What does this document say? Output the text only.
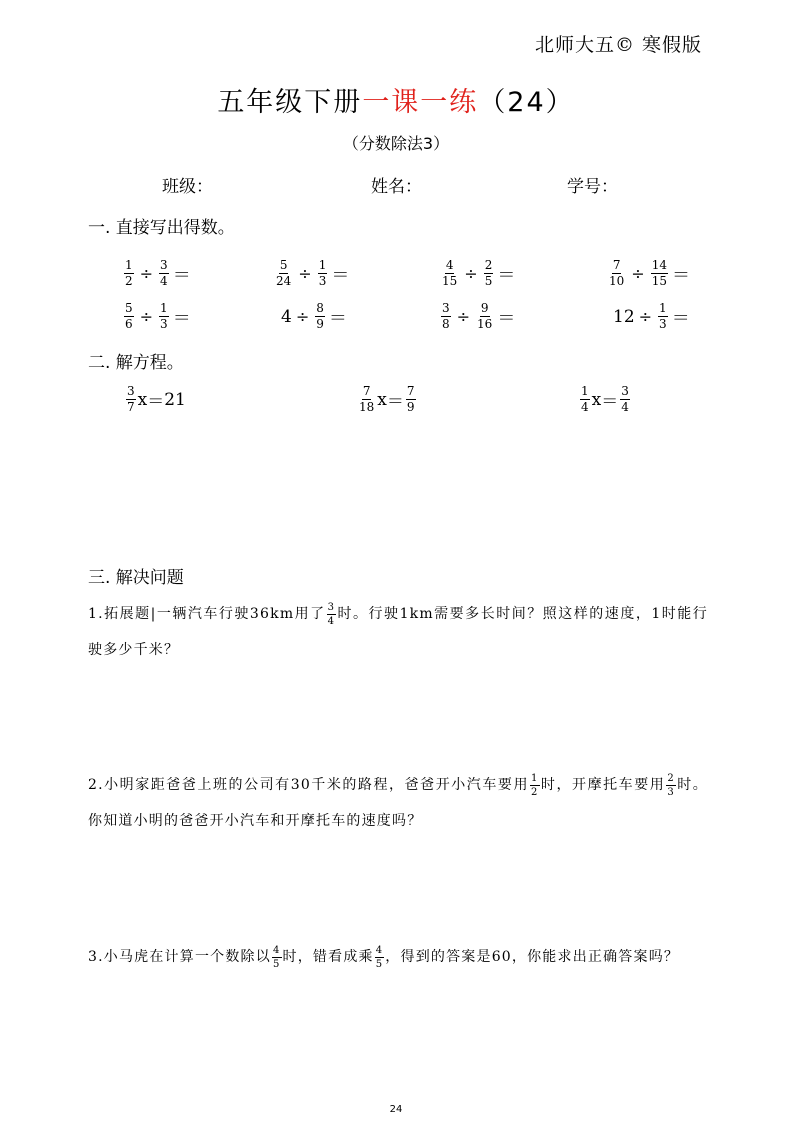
北师大五© 寒假版
五年级下册一课一练（24）
（分数除法3）
班级：	姓名：	学号：
一. 直接写出得数。
$\frac{1}{2} \div \frac{3}{4}$ ＝	$\frac{5}{24} \div \frac{1}{3}$ ＝	$\frac{4}{15} \div \frac{2}{5}$ ＝	$\frac{7}{10} \div \frac{14}{15}$ ＝
$\frac{5}{6} \div \frac{1}{3}$ ＝	$4 \div \frac{8}{9}$ ＝	$\frac{3}{8} \div \frac{9}{16}$ ＝	$12 \div \frac{1}{3}$ ＝
二. 解方程。
$\frac{3}{7}$ x ＝ 21	$\frac{7}{18}$ $x = \frac{7}{9}$	$\frac{1}{4}$ $x = \frac{3}{4}$
三. 解决问题
1.拓展题|一辆汽车行驶36km用了 $\frac{3}{4}$ 时。行驶1km需要多长时间？照这样的速度，1时能行驶多少千米？
2.小明家距爸爸上班的公司有30千米的路程，爸爸开小汽车要用 $\frac{1}{2}$ 时，开摩托车要用 $\frac{2}{3}$ 时。你知道小明的爸爸开小汽车和开摩托车的速度吗？
3.小马虎在计算一个数除以 $\frac{4}{5}$ 时，错看成乘 $\frac{4}{5}$ ，得到的答案是60，你能求出正确答案吗？
24
